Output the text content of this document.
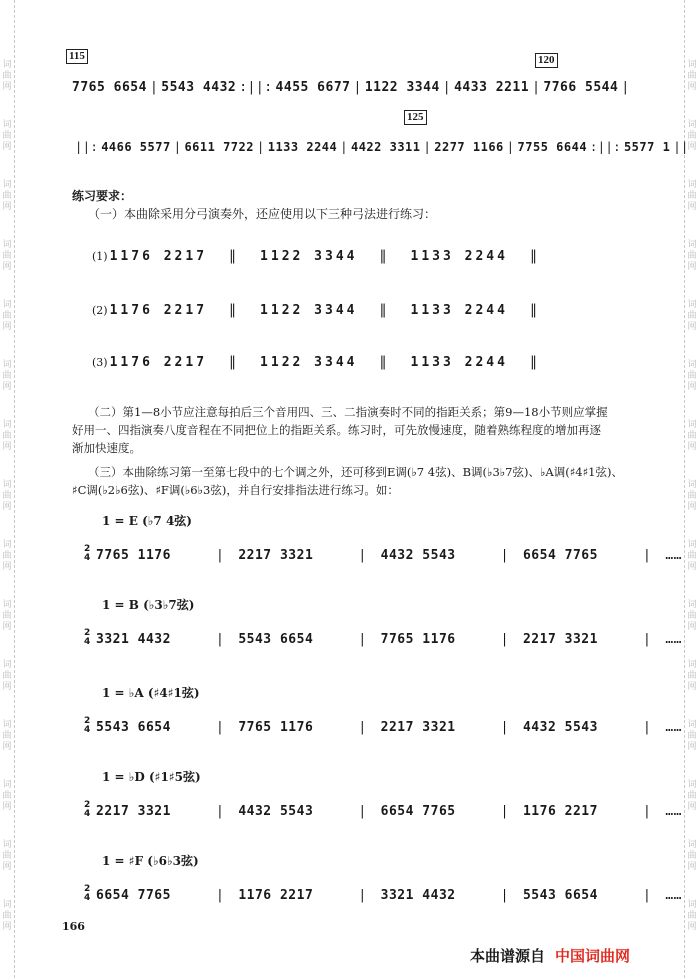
词曲网
词曲网
词曲网
词曲网
词曲网
词曲网
词曲网
词曲网
词曲网
词曲网
词曲网
词曲网
词曲网
词曲网
词曲网
词曲网
词曲网
词曲网
词曲网
词曲网
词曲网
词曲网
词曲网
词曲网
词曲网
词曲网
词曲网
词曲网
词曲网
词曲网
115	120
125
7765 6654 | 5543 4432 :||: 4455 6677 | 1122 3344 | 4433 2211 | 7766 5544 |
||: 4466 5577 | 6611 7722 | 1133 2244 | 4422 3311 | 2277 1166 | 7755 6644 :||: 5577 1 ||
练习要求：
（一）本曲除采用分弓演奏外，还应使用以下三种弓法进行练习：
(1) 1176 2217 ‖ 1122 3344 ‖ 1133 2244 ‖
(2) 1176 2217 ‖ 1122 3344 ‖ 1133 2244 ‖
(3) 1176 2217 ‖ 1122 3344 ‖ 1133 2244 ‖
（二）第1—8小节应注意每拍后三个音用四、三、二指演奏时不同的指距关系；第9—18小节则应掌握
好用一、四指演奏八度音程在不同把位上的指距关系。练习时，可先放慢速度，随着熟练程度的增加再逐
渐加快速度。
（三）本曲除练习第一至第七段中的七个调之外，还可移到E调(♭7 4弦)、B调(♭3♭7弦)、♭A调(♯4♯1弦)、
♯C调(♭2♭6弦)、♯F调(♭6♭3弦)，并自行安排指法进行练习。如：
1 = E (♭7 4弦)
2
4 7765 1176	| 2217 3321	| 4432 5543	| 6654 7765	| ……
1 = B (♭3♭7弦)
2
4 3321 4432	| 5543 6654	| 7765 1176	| 2217 3321	| ……
1 = ♭A (♯4♯1弦)
2
4 5543 6654	| 7765 1176	| 2217 3321	| 4432 5543	| ……
1 = ♭D (♯1♯5弦)
2
4 2217 3321	| 4432 5543	| 6654 7765	| 1176 2217	| ……
1 = ♯F (♭6♭3弦)
2
4 6654 7765	| 1176 2217	| 3321 4432	| 5543 6654	| ……
166
本曲谱源自 中国词曲网
